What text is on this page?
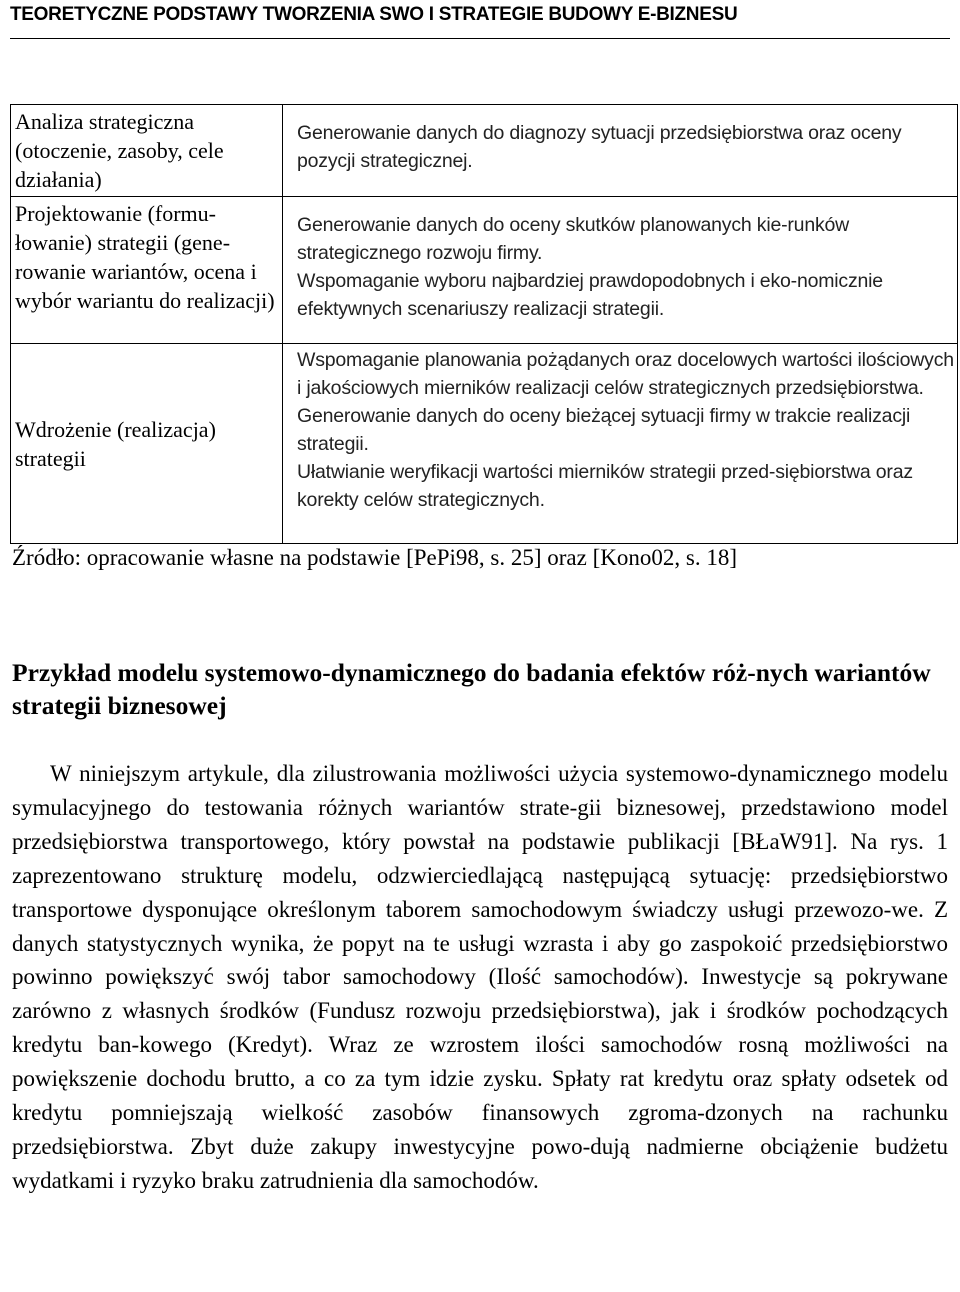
TEORETYCZNE PODSTAWY TWORZENIA SWO I STRATEGIE BUDOWY E-BIZNESU
Analiza strategiczna (otoczenie, zasoby, cele działania)	Generowanie danych do diagnozy sytuacji przedsiębiorstwa oraz oceny pozycji strategicznej.

Projektowanie (formu-łowanie) strategii (gene-rowanie wariantów, ocena i wybór wariantu do realizacji)	Generowanie danych do oceny skutków planowanych kie-runków strategicznego rozwoju firmy.

Wspomaganie wyboru najbardziej prawdopodobnych i eko-nomicznie efektywnych scenariuszy realizacji strategii.

Wdrożenie (realizacja) strategii	Wspomaganie planowania pożądanych oraz docelowych wartości ilościowych i jakościowych mierników realizacji celów strategicznych przedsiębiorstwa.

Generowanie danych do oceny bieżącej sytuacji firmy w trakcie realizacji strategii.

Ułatwianie weryfikacji wartości mierników strategii przed-siębiorstwa oraz korekty celów strategicznych.

Źródło: opracowanie własne na podstawie [PePi98, s. 25] oraz [Kono02, s. 18]
Przykład modelu systemowo-dynamicznego do badania efektów róż-nych wariantów strategii biznesowej

W niniejszym artykule, dla zilustrowania możliwości użycia systemowo-dynamicznego modelu symulacyjnego do testowania różnych wariantów strate-gii biznesowej, przedstawiono model przedsiębiorstwa transportowego, który powstał na podstawie publikacji [BŁaW91]. Na rys. 1 zaprezentowano strukturę modelu, odzwierciedlającą następującą sytuację: przedsiębiorstwo transportowe dysponujące określonym taborem samochodowym świadczy usługi przewozo-we. Z danych statystycznych wynika, że popyt na te usługi wzrasta i aby go zaspokoić przedsiębiorstwo powinno powiększyć swój tabor samochodowy (Ilość samochodów). Inwestycje są pokrywane zarówno z własnych środków (Fundusz rozwoju przedsiębiorstwa), jak i środków pochodzących kredytu ban-kowego (Kredyt). Wraz ze wzrostem ilości samochodów rosną możliwości na powiększenie dochodu brutto, a co za tym idzie zysku. Spłaty rat kredytu oraz spłaty odsetek od kredytu pomniejszają wielkość zasobów finansowych zgroma-dzonych na rachunku przedsiębiorstwa. Zbyt duże zakupy inwestycyjne powo-dują nadmierne obciążenie budżetu wydatkami i ryzyko braku zatrudnienia dla samochodów.
